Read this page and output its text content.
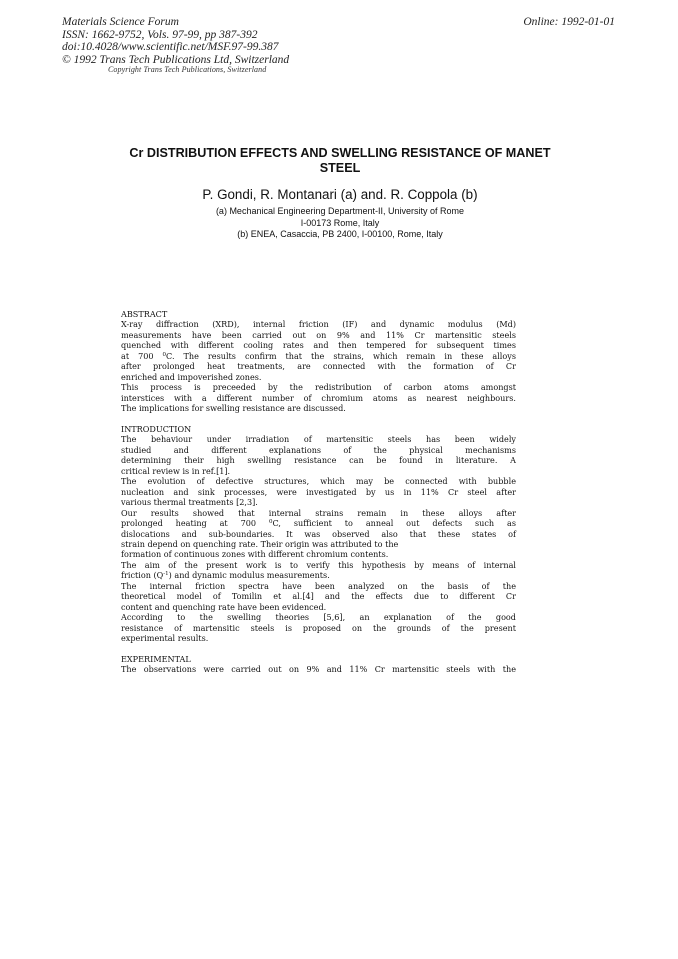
Materials Science Forum
ISSN: 1662-9752, Vols. 97-99, pp 387-392
doi:10.4028/www.scientific.net/MSF.97-99.387
© 1992 Trans Tech Publications Ltd, Switzerland
Online: 1992-01-01
Copyright Trans Tech Publications, Switzerland
Cr DISTRIBUTION EFFECTS AND SWELLING RESISTANCE OF MANET
STEEL
P. Gondi, R. Montanari (a) and. R. Coppola (b)
(a) Mechanical Engineering Department-II, University of Rome
I-00173 Rome, Italy
(b) ENEA, Casaccia, PB 2400, I-00100, Rome, Italy
ABSTRACT
X-ray diffraction (XRD), internal friction (IF) and dynamic modulus (Md)
measurements have been carried out on 9% and 11% Cr martensitic steels
quenched with different cooling rates and then tempered for subsequent times
at 700 $^0$C. The results confirm that the strains, which remain in these alloys
after prolonged heat treatments, are connected with the formation of Cr
enriched and impoverished zones.
This process is preceeded by the redistribution of carbon atoms amongst
interstices with a different number of chromium atoms as nearest neighbours.
The implications for swelling resistance are discussed.
INTRODUCTION
The behaviour under irradiation of martensitic steels has been widely
studied and different explanations of the physical mechanisms
determining their high swelling resistance can be found in literature. A
critical review is in ref.[1].
The evolution of defective structures, which may be connected with bubble
nucleation and sink processes, were investigated by us in 11% Cr steel after
various thermal treatments [2,3].
Our results showed that internal strains remain in these alloys after
prolonged heating at 700 $^0$C, sufficient to anneal out defects such as
dislocations and sub-boundaries. It was observed also that these states of
strain depend on quenching rate. Their origin was attributed to the
formation of continuous zones with different chromium contents.
The aim of the present work is to verify this hypothesis by means of internal
friction $(Q^{-1})$ and dynamic modulus measurements.
The internal friction spectra have been analyzed on the basis of the
theoretical model of Tomilin et al.[4] and the effects due to different Cr
content and quenching rate have been evidenced.
According to the swelling theories [5,6], an explanation of the good
resistance of martensitic steels is proposed on the grounds of the present
experimental results.
EXPERIMENTAL
The observations were carried out on 9% and 11% Cr martensitic steels with the
